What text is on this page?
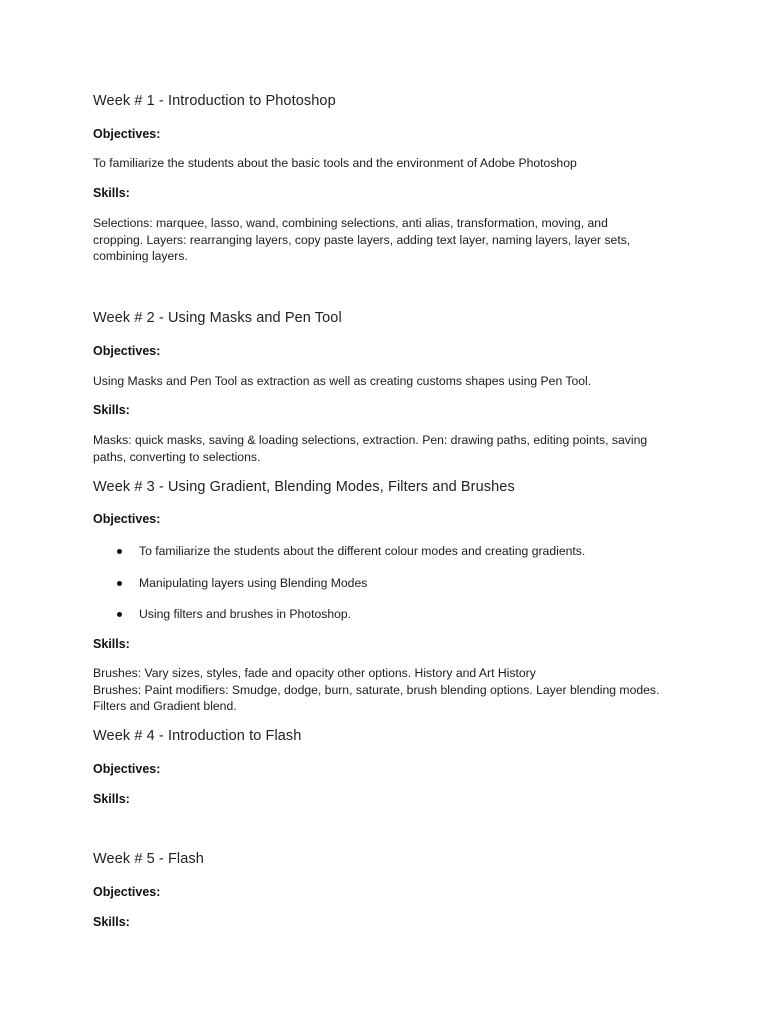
Week # 1 - Introduction to Photoshop
Objectives:
To familiarize the students about the basic tools and the environment of Adobe Photoshop
Skills:
Selections: marquee, lasso, wand, combining selections, anti alias, transformation, moving, and
cropping. Layers: rearranging layers, copy paste layers, adding text layer, naming layers, layer sets,
combining layers.
Week # 2 - Using Masks and Pen Tool
Objectives:
Using Masks and Pen Tool as extraction as well as creating customs shapes using Pen Tool.
Skills:
Masks: quick masks, saving & loading selections, extraction. Pen: drawing paths, editing points, saving
paths, converting to selections.
Week # 3 - Using Gradient, Blending Modes, Filters and Brushes
Objectives:
To familiarize the students about the different colour modes and creating gradients.
Manipulating layers using Blending Modes
Using filters and brushes in Photoshop.
Skills:
Brushes: Vary sizes, styles, fade and opacity other options. History and Art History
Brushes: Paint modifiers: Smudge, dodge, burn, saturate, brush blending options. Layer blending modes.
Filters and Gradient blend.
Week # 4 - Introduction to Flash
Objectives:
Skills:
Week # 5 - Flash
Objectives:
Skills:
